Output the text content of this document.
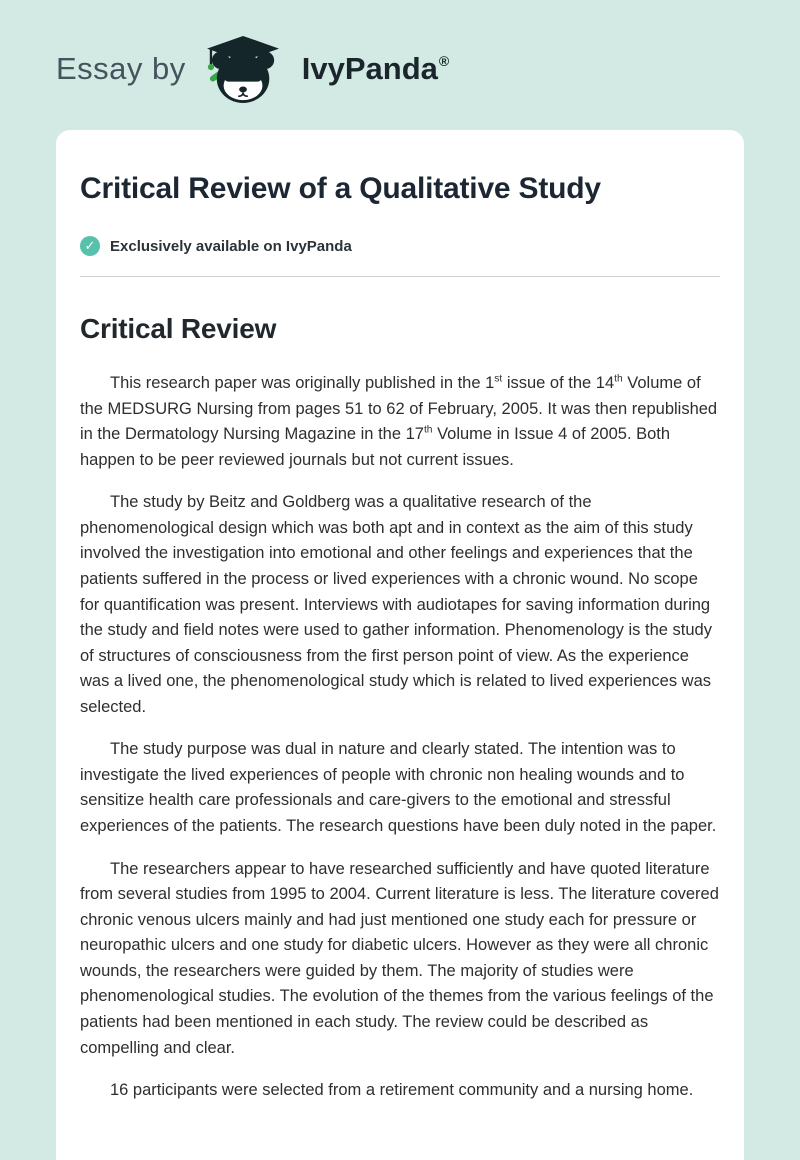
Essay by	IvyPanda ®
Critical Review of a Qualitative Study
✓ Exclusively available on IvyPanda
Critical Review

This research paper was originally published in the 1st issue of the 14th Volume of the MEDSURG Nursing from pages 51 to 62 of February, 2005. It was then republished in the Dermatology Nursing Magazine in the 17th Volume in Issue 4 of 2005. Both happen to be peer reviewed journals but not current issues.

The study by Beitz and Goldberg was a qualitative research of the phenomenological design which was both apt and in context as the aim of this study involved the investigation into emotional and other feelings and experiences that the patients suffered in the process or lived experiences with a chronic wound. No scope for quantification was present. Interviews with audiotapes for saving information during the study and field notes were used to gather information. Phenomenology is the study of structures of consciousness from the first person point of view. As the experience was a lived one, the phenomenological study which is related to lived experiences was selected.

The study purpose was dual in nature and clearly stated. The intention was to investigate the lived experiences of people with chronic non healing wounds and to sensitize health care professionals and care-givers to the emotional and stressful experiences of the patients. The research questions have been duly noted in the paper.

The researchers appear to have researched sufficiently and have quoted literature from several studies from 1995 to 2004. Current literature is less. The literature covered chronic venous ulcers mainly and had just mentioned one study each for pressure or neuropathic ulcers and one study for diabetic ulcers. However as they were all chronic wounds, the researchers were guided by them. The majority of studies were phenomenological studies. The evolution of the themes from the various feelings of the patients had been mentioned in each study. The review could be described as compelling and clear.

16 participants were selected from a retirement community and a nursing home.
